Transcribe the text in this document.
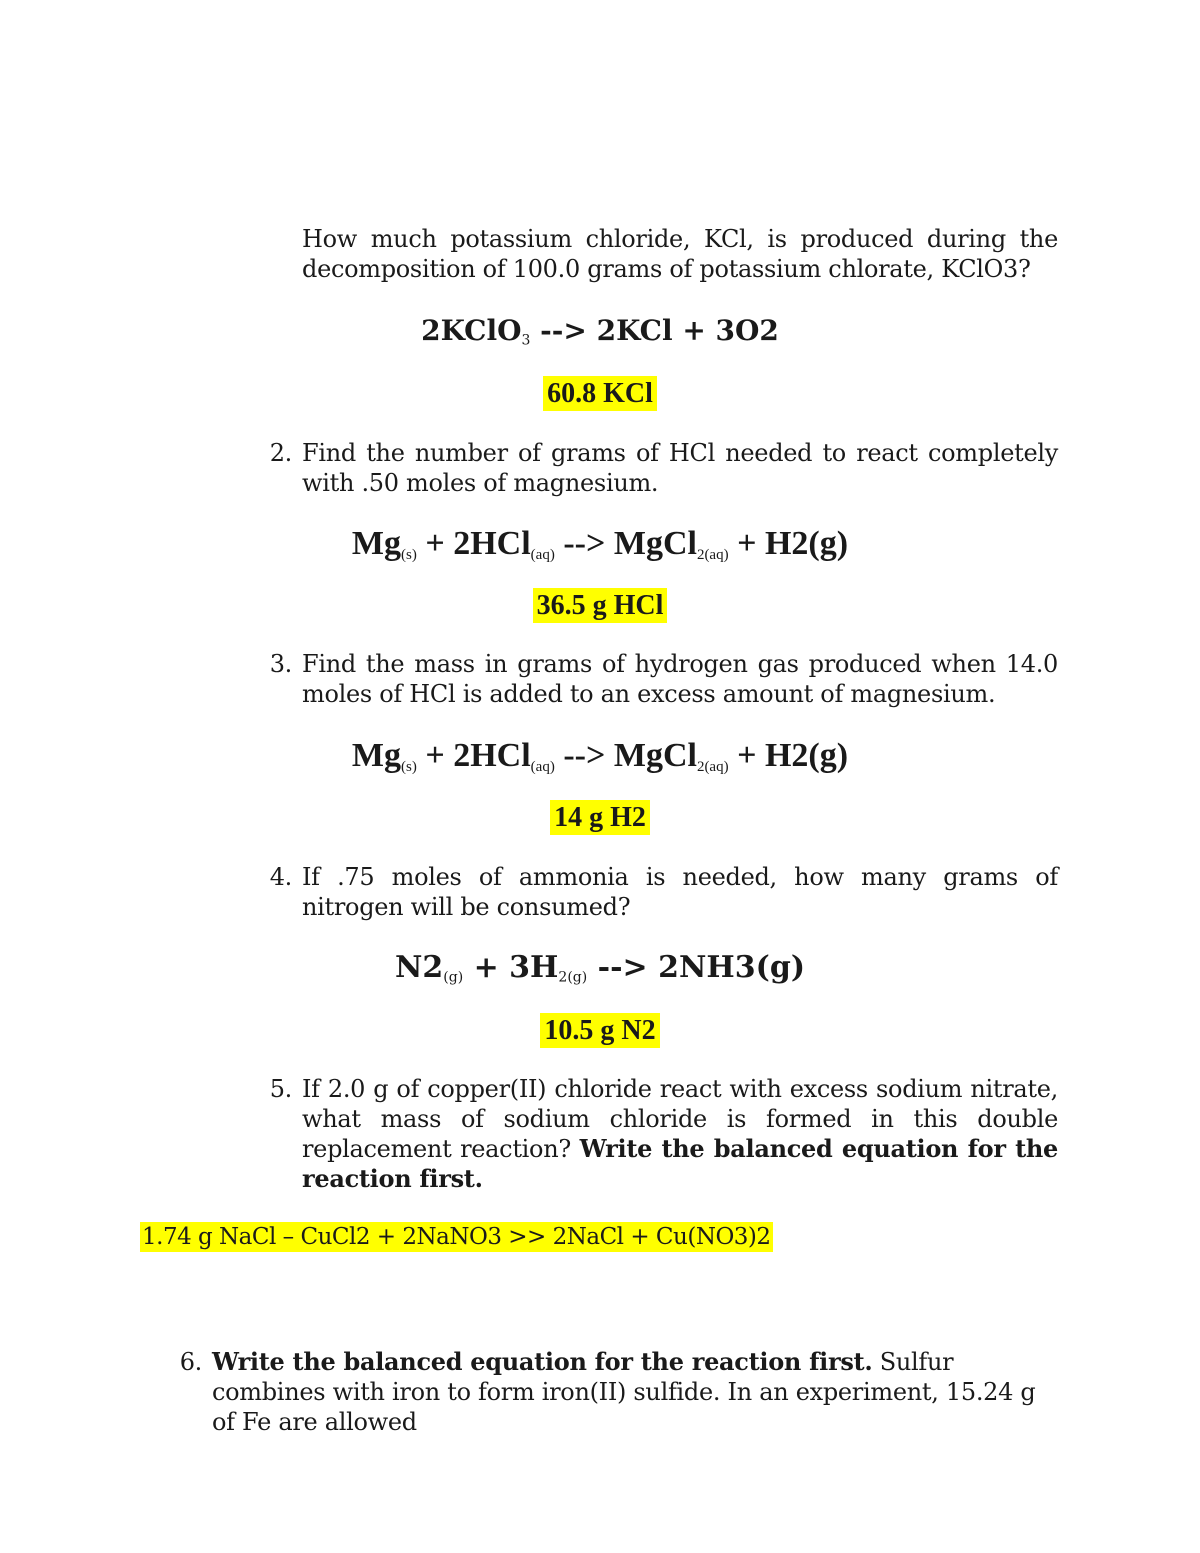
How much potassium chloride, KCl, is produced during the decomposition of 100.0 grams of potassium chlorate, KClO3?
2KClO3 --> 2KCl + 3O2
60.8 KCl
2. Find the number of grams of HCl needed to react completely with .50 moles of magnesium.
Mg(s) + 2HCl(aq) --> MgCl2(aq) + H2(g)
36.5 g HCl
3. Find the mass in grams of hydrogen gas produced when 14.0 moles of HCl is added to an excess amount of magnesium.
Mg(s) + 2HCl(aq) --> MgCl2(aq) + H2(g)
14 g H2
4. If .75 moles of ammonia is needed, how many grams of nitrogen will be consumed?
N2(g) + 3H2(g) --> 2NH3(g)
10.5 g N2
5. If 2.0 g of copper(II) chloride react with excess sodium nitrate, what mass of sodium chloride is formed in this double replacement reaction? Write the balanced equation for the reaction first.
1.74 g NaCl – CuCl2 + 2NaNO3 >> 2NaCl + Cu(NO3)2
6. Write the balanced equation for the reaction first. Sulfur combines with iron to form iron(II) sulfide. In an experiment, 15.24 g of Fe are allowed
